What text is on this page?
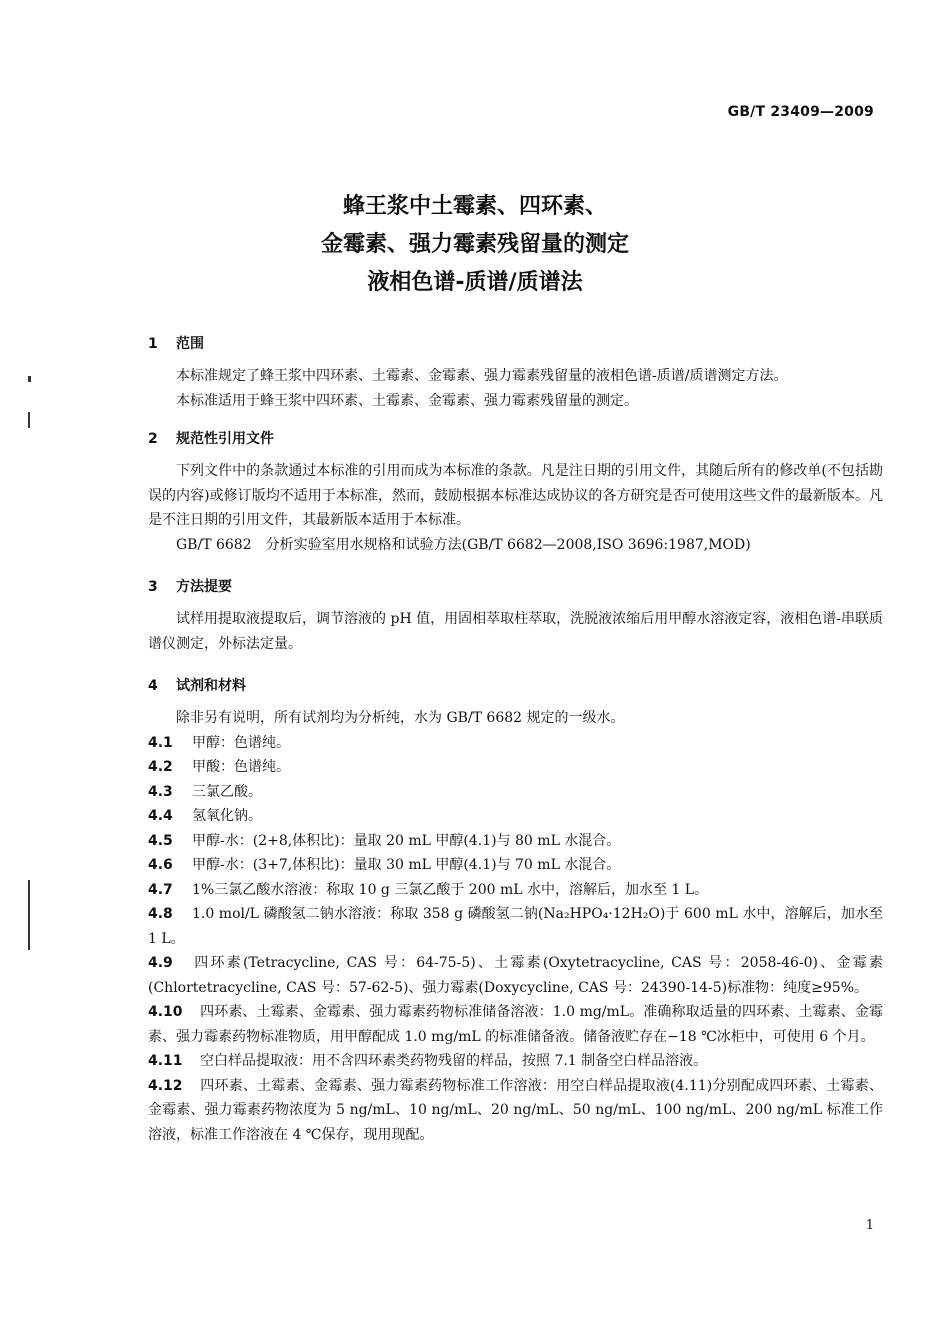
GB/T 23409—2009
蜂王浆中土霉素、四环素、
金霉素、强力霉素残留量的测定
液相色谱-质谱/质谱法
1 范围
本标准规定了蜂王浆中四环素、土霉素、金霉素、强力霉素残留量的液相色谱-质谱/质谱测定方法。
本标准适用于蜂王浆中四环素、土霉素、金霉素、强力霉素残留量的测定。
2 规范性引用文件
下列文件中的条款通过本标准的引用而成为本标准的条款。凡是注日期的引用文件，其随后所有的修改单(不包括勘误的内容)或修订版均不适用于本标准，然而，鼓励根据本标准达成协议的各方研究是否可使用这些文件的最新版本。凡是不注日期的引用文件，其最新版本适用于本标准。
GB/T 6682　分析实验室用水规格和试验方法(GB/T 6682—2008,ISO 3696:1987,MOD)
3 方法提要
试样用提取液提取后，调节溶液的 pH 值，用固相萃取柱萃取，洗脱液浓缩后用甲醇水溶液定容，液相色谱-串联质谱仪测定，外标法定量。
4 试剂和材料
除非另有说明，所有试剂均为分析纯，水为 GB/T 6682 规定的一级水。
4.1 甲醇：色谱纯。
4.2 甲酸：色谱纯。
4.3 三氯乙酸。
4.4 氢氧化钠。
4.5 甲醇-水：(2+8,体积比)：量取 20 mL 甲醇(4.1)与 80 mL 水混合。
4.6 甲醇-水：(3+7,体积比)：量取 30 mL 甲醇(4.1)与 70 mL 水混合。
4.7 1%三氯乙酸水溶液：称取 10 g 三氯乙酸于 200 mL 水中，溶解后，加水至 1 L。
4.8 1.0 mol/L 磷酸氢二钠水溶液：称取 358 g 磷酸氢二钠(Na₂HPO₄·12H₂O)于 600 mL 水中，溶解后，加水至 1 L。
4.9 四环素(Tetracycline, CAS 号：64-75-5)、土霉素(Oxytetracycline, CAS 号：2058-46-0)、金霉素(Chlortetracycline, CAS 号：57-62-5)、强力霉素(Doxycycline, CAS 号：24390-14-5)标准物：纯度≥95%。
4.10 四环素、土霉素、金霉素、强力霉素药物标准储备溶液：1.0 mg/mL。准确称取适量的四环素、土霉素、金霉素、强力霉素药物标准物质，用甲醇配成 1.0 mg/mL 的标准储备液。储备液贮存在−18 ℃冰柜中，可使用 6 个月。
4.11 空白样品提取液：用不含四环素类药物残留的样品，按照 7.1 制备空白样品溶液。
4.12 四环素、土霉素、金霉素、强力霉素药物标准工作溶液：用空白样品提取液(4.11)分别配成四环素、土霉素、金霉素、强力霉素药物浓度为 5 ng/mL、10 ng/mL、20 ng/mL、50 ng/mL、100 ng/mL、200 ng/mL 标准工作溶液，标准工作溶液在 4 ℃保存，现用现配。
1
